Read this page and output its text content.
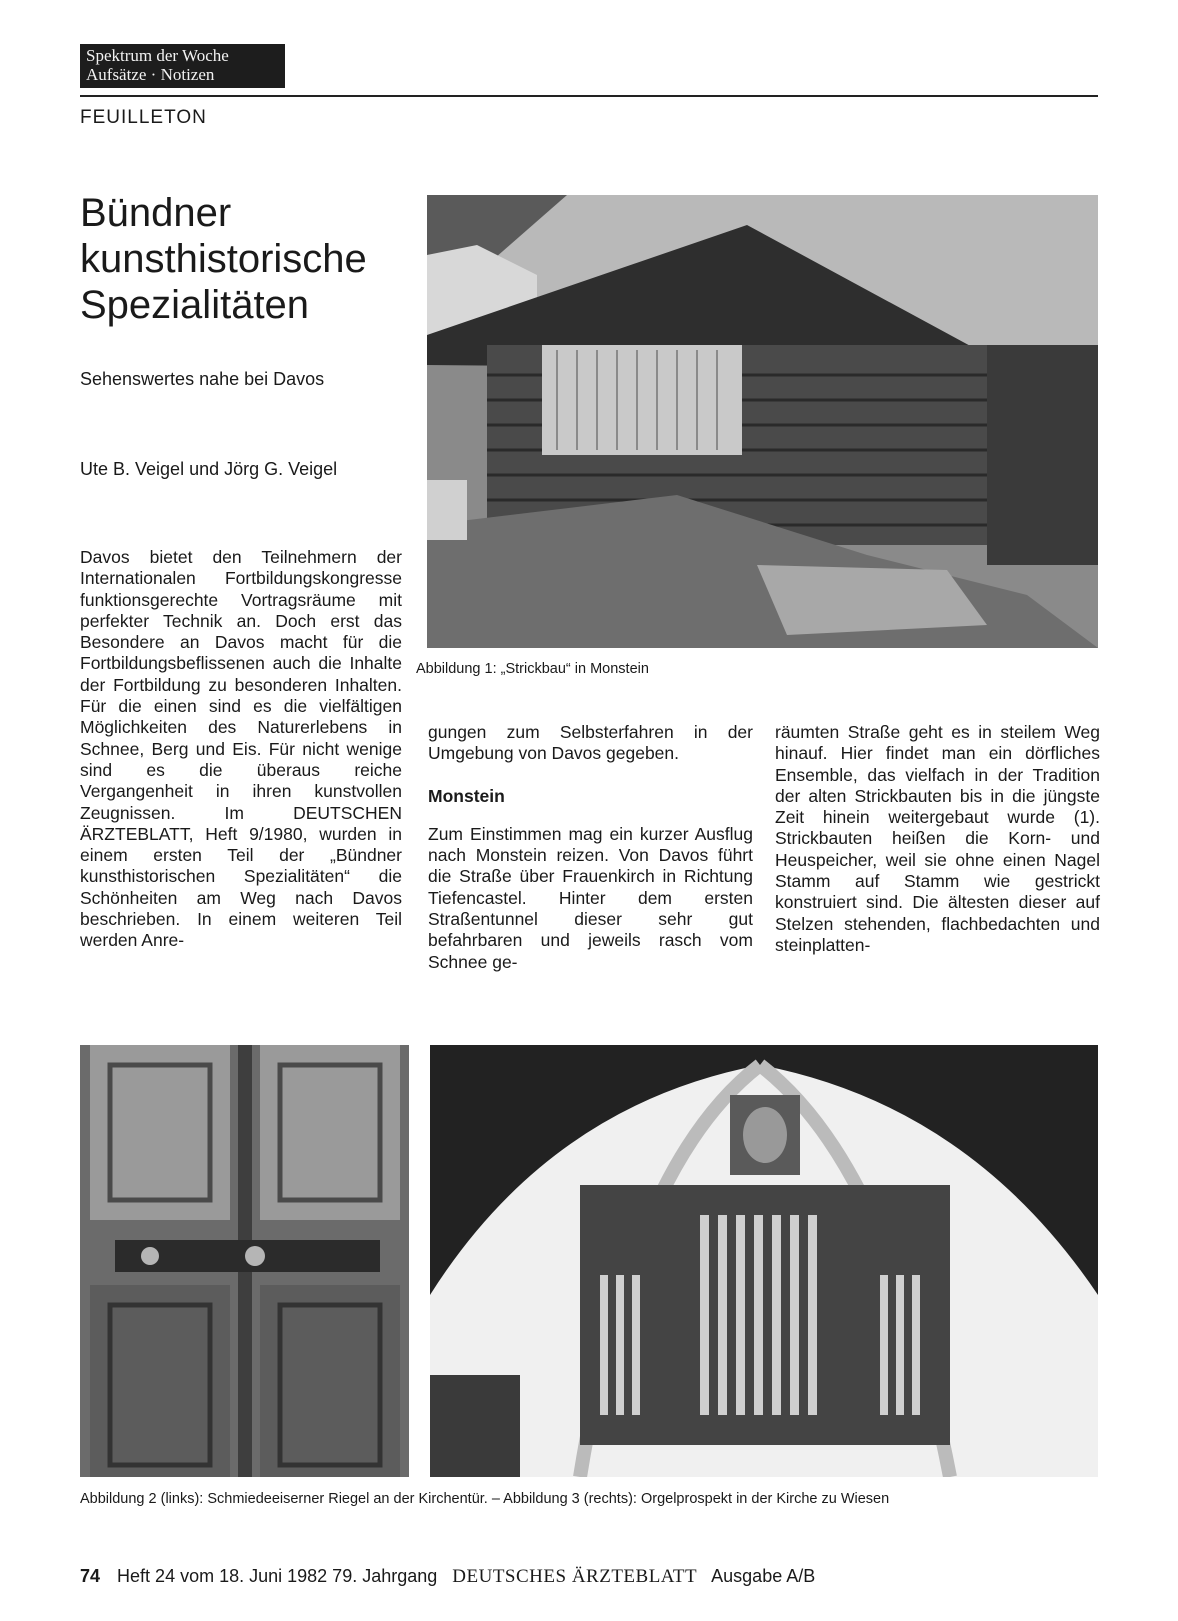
Spektrum der Woche
Aufsätze · Notizen
FEUILLETON
Bündner
kunsthistorische
Spezialitäten
Sehenswertes nahe bei Davos
Ute B. Veigel und Jörg G. Veigel
Abbildung 1: „Strickbau“ in Monstein

Davos bietet den Teilnehmern der Internationalen Fortbildungskongresse funktionsgerechte Vortragsräume mit perfekter Technik an. Doch erst das Besondere an Davos macht für die Fortbildungsbeflissenen auch die Inhalte der Fortbildung zu besonderen Inhalten. Für die einen sind es die vielfältigen Möglichkeiten des Naturerlebens in Schnee, Berg und Eis. Für nicht wenige sind es die überaus reiche Vergangenheit in ihren kunstvollen Zeugnissen. Im DEUTSCHEN ÄRZTEBLATT, Heft 9/1980, wurden in einem ersten Teil der „Bündner kunsthistorischen Spezialitäten“ die Schönheiten am Weg nach Davos beschrieben. In einem weiteren Teil werden Anre-

gungen zum Selbsterfahren in der Umgebung von Davos gegeben.

Monstein

Zum Einstimmen mag ein kurzer Ausflug nach Monstein reizen. Von Davos führt die Straße über Frauenkirch in Richtung Tiefencastel. Hinter dem ersten Straßentunnel dieser sehr gut befahrbaren und jeweils rasch vom Schnee ge-

räumten Straße geht es in steilem Weg hinauf. Hier findet man ein dörfliches Ensemble, das vielfach in der Tradition der alten Strickbauten bis in die jüngste Zeit hinein weitergebaut wurde (1). Strickbauten heißen die Korn- und Heuspeicher, weil sie ohne einen Nagel Stamm auf Stamm wie gestrickt konstruiert sind. Die ältesten dieser auf Stelzen stehenden, flachbedachten und steinplatten-

Abbildung 2 (links): Schmiedeeiserner Riegel an der Kirchentür. – Abbildung 3 (rechts): Orgelprospekt in der Kirche zu Wiesen
74 Heft 24 vom 18. Juni 1982 79. Jahrgang DEUTSCHES ÄRZTEBLATT Ausgabe A/B
